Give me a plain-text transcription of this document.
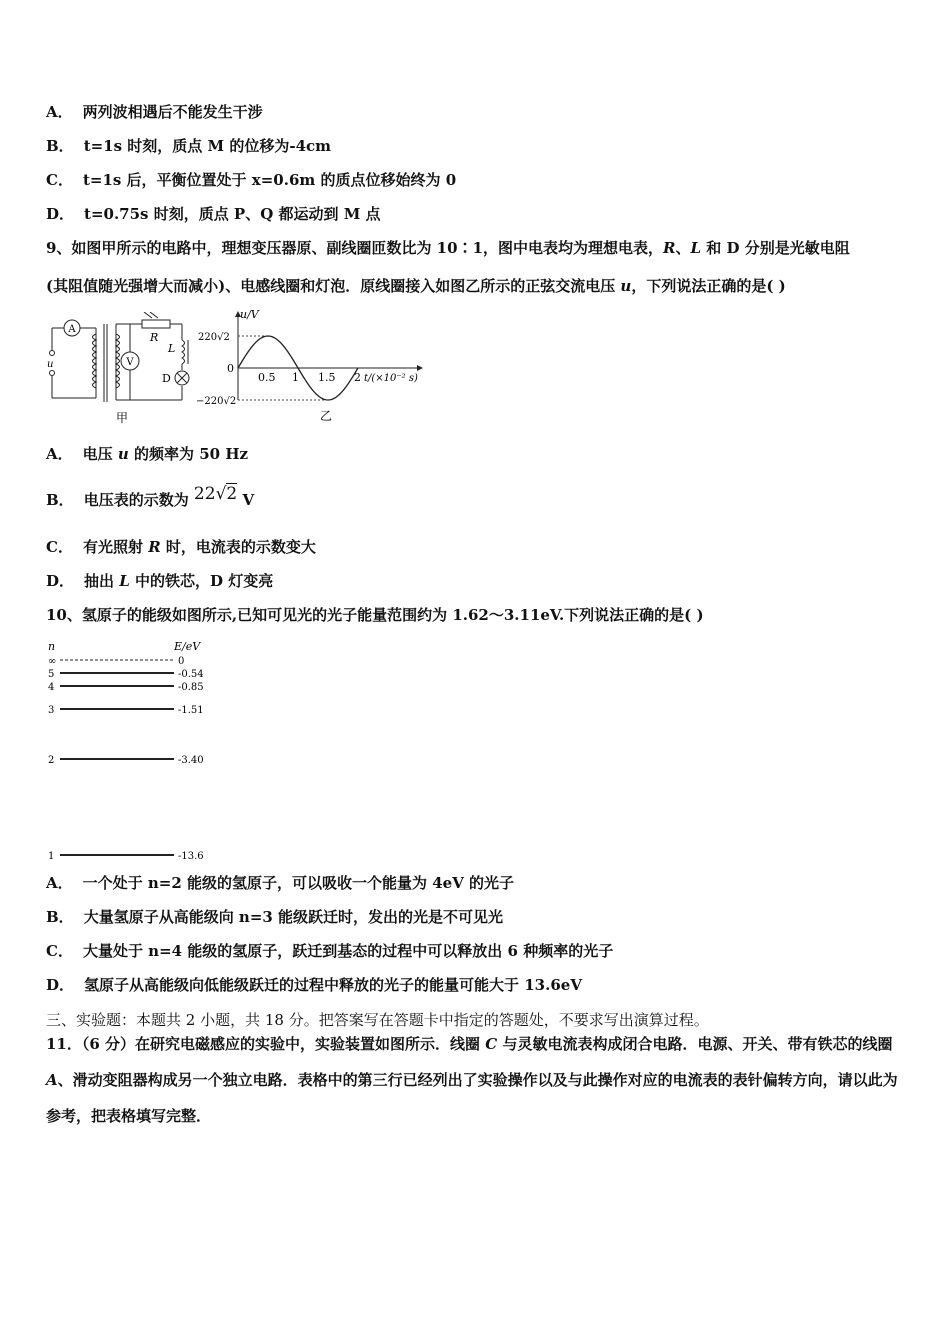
A． 两列波相遇后不能发生干涉
B． t=1s 时刻，质点 M 的位移为-4cm
C． t=1s 后，平衡位置处于 x=0.6m 的质点位移始终为 0
D． t=0.75s 时刻，质点 P、Q 都运动到 M 点
9、如图甲所示的电路中，理想变压器原、副线圈匝数比为 10∶1，图中电表均为理想电表，R、L 和 D 分别是光敏电阻
(其阻值随光强增大而减小)、电感线圈和灯泡．原线圈接入如图乙所示的正弦交流电压 u，下列说法正确的是( )
A
V
u
R
L
D
甲
u/V
220√2
0
−220√2
0.5 1 1.5 2 t/(×10⁻² s)
乙
A． 电压 u 的频率为 50 Hz
B． 电压表的示数为 22√2 V
C． 有光照射 R 时，电流表的示数变大
D． 抽出 L 中的铁芯，D 灯变亮
10、氢原子的能级如图所示,已知可见光的光子能量范围约为 1.62～3.11eV.下列说法正确的是( )
n	E/eV
∞	0
5	-0.54
4	-0.85
3	-1.51
2	-3.40
1	-13.6
A． 一个处于 n=2 能级的氢原子，可以吸收一个能量为 4eV 的光子
B． 大量氢原子从高能级向 n=3 能级跃迁时，发出的光是不可见光
C． 大量处于 n=4 能级的氢原子，跃迁到基态的过程中可以释放出 6 种频率的光子
D． 氢原子从高能级向低能级跃迁的过程中释放的光子的能量可能大于 13.6eV
三、实验题：本题共 2 小题，共 18 分。把答案写在答题卡中指定的答题处，不要求写出演算过程。
11．（6 分）在研究电磁感应的实验中，实验装置如图所示．线圈 C 与灵敏电流表构成闭合电路．电源、开关、带有铁芯的线圈 A、滑动变阻器构成另一个独立电路．表格中的第三行已经列出了实验操作以及与此操作对应的电流表的表针偏转方向，请以此为参考，把表格填写完整．
